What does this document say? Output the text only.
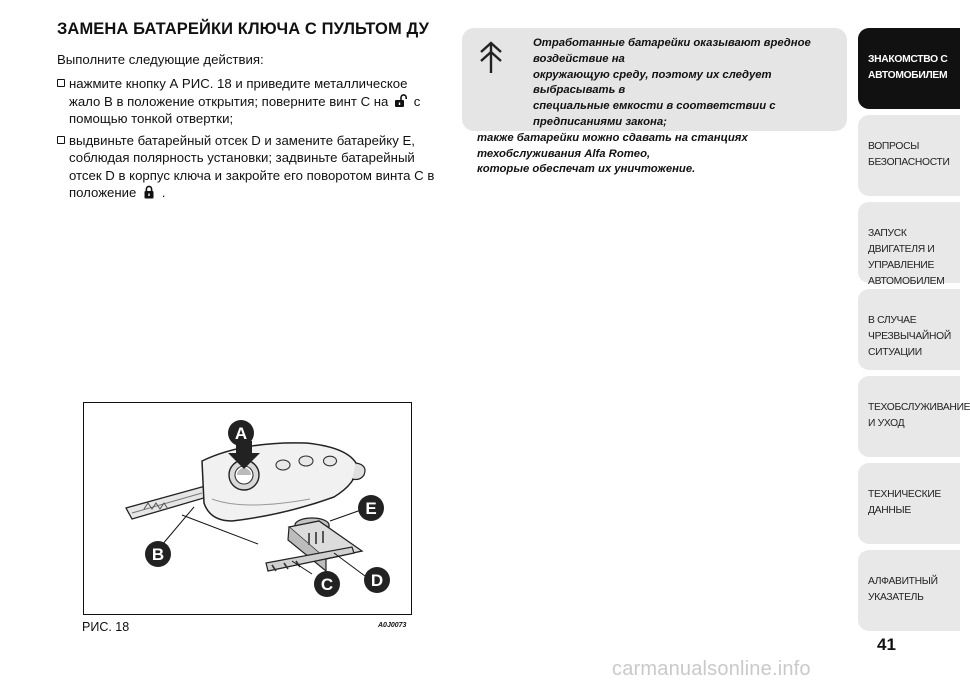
ЗАМЕНА БАТАРЕЙКИ КЛЮЧА С ПУЛЬТОМ ДУ

Выполните следующие действия:

нажмите кнопку А РИС. 18 и приведите металлическое жало В в положение открытия; поверните винт С на с помощью тонкой отвертки;
выдвиньте батарейный отсек D и замените батарейку E, соблюдая полярность установки; задвиньте батарейный отсек D в корпус ключа и закройте его поворотом винта С в положение .
Отработанные батарейки оказывают вредное воздействие на
окружающую среду, поэтому их следует выбрасывать в
специальные емкости в соответствии с предписаниями закона;
также батарейки можно сдавать на станциях техобслуживания Alfa Romeo,
которые обеспечат их уничтожение.
A
B
C D
E
РИС. 18	A0J0073
ЗНАКОМСТВО С
АВТОМОБИЛЕМ
ВОПРОСЫ
БЕЗОПАСНОСТИ
ЗАПУСК ДВИГАТЕЛЯ И
УПРАВЛЕНИЕ
АВТОМОБИЛЕМ
В СЛУЧАЕ
ЧРЕЗВЫЧАЙНОЙ
СИТУАЦИИ
ТЕХОБСЛУЖИВАНИЕ
И УХОД
ТЕХНИЧЕСКИЕ
ДАННЫЕ
АЛФАВИТНЫЙ
УКАЗАТЕЛЬ
41
carmanualsonline.info
